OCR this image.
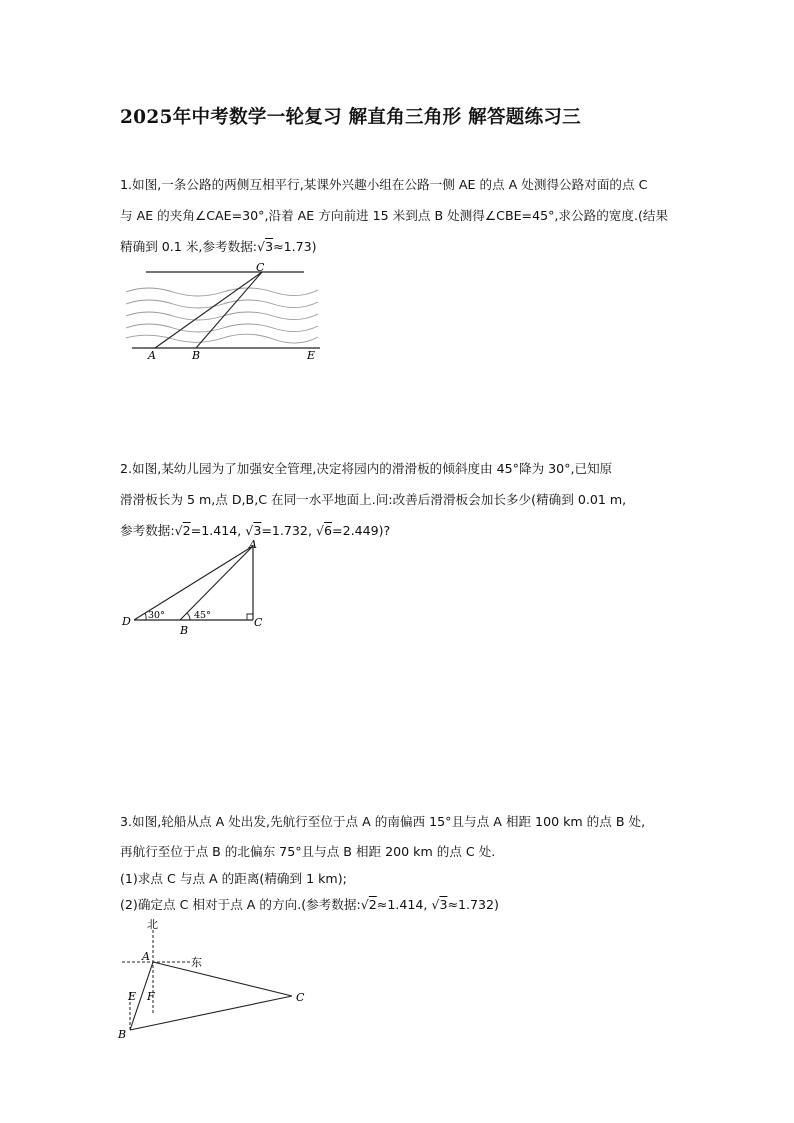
2025年中考数学一轮复习 解直角三角形 解答题练习三
1.如图,一条公路的两侧互相平行,某课外兴趣小组在公路一侧 AE 的点 A 处测得公路对面的点 C
与 AE 的夹角∠CAE=30°,沿着 AE 方向前进 15 米到点 B 处测得∠CBE=45°,求公路的宽度.(结果
精确到 0.1 米,参考数据:√3≈1.73)
C
A	B	E
2.如图,某幼儿园为了加强安全管理,决定将园内的滑滑板的倾斜度由 45°降为 30°,已知原
滑滑板长为 5 m,点 D,B,C 在同一水平地面上.问:改善后滑滑板会加长多少(精确到 0.01 m,
参考数据:√2=1.414, √3=1.732, √6=2.449)?
A
D
B
C
30°	45°
3.如图,轮船从点 A 处出发,先航行至位于点 A 的南偏西 15°且与点 A 相距 100 km 的点 B 处,
再航行至位于点 B 的北偏东 75°且与点 B 相距 200 km 的点 C 处.
(1)求点 C 与点 A 的距离(精确到 1 km);
(2)确定点 C 相对于点 A 的方向.(参考数据:√2≈1.414, √3≈1.732)
北
东
A
E F
B
C
